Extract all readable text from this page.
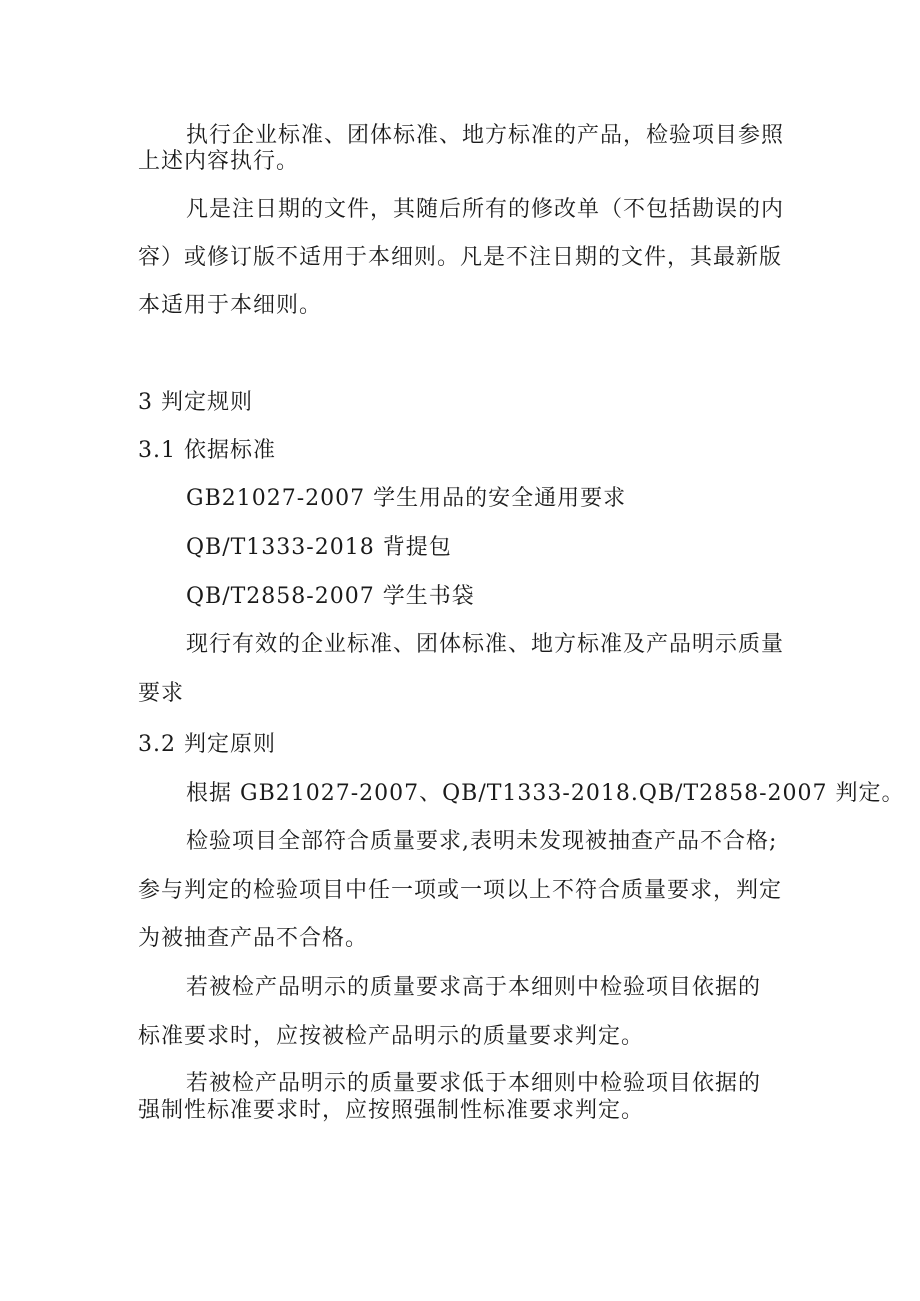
执行企业标准、团体标准、地方标准的产品，检验项目参照
上述内容执行。
凡是注日期的文件，其随后所有的修改单（不包括勘误的内
容）或修订版不适用于本细则。凡是不注日期的文件，其最新版
本适用于本细则。
3 判定规则
3.1 依据标准
GB21027-2007 学生用品的安全通用要求
QB/T1333-2018 背提包
QB/T2858-2007 学生书袋
现行有效的企业标准、团体标准、地方标准及产品明示质量
要求
3.2 判定原则
根据 GB21027-2007、QB/T1333-2018.QB/T2858-2007 判定。
检验项目全部符合质量要求,表明未发现被抽查产品不合格;
参与判定的检验项目中任一项或一项以上不符合质量要求，判定
为被抽查产品不合格。
若被检产品明示的质量要求高于本细则中检验项目依据的
标准要求时，应按被检产品明示的质量要求判定。
若被检产品明示的质量要求低于本细则中检验项目依据的
强制性标准要求时，应按照强制性标准要求判定。
